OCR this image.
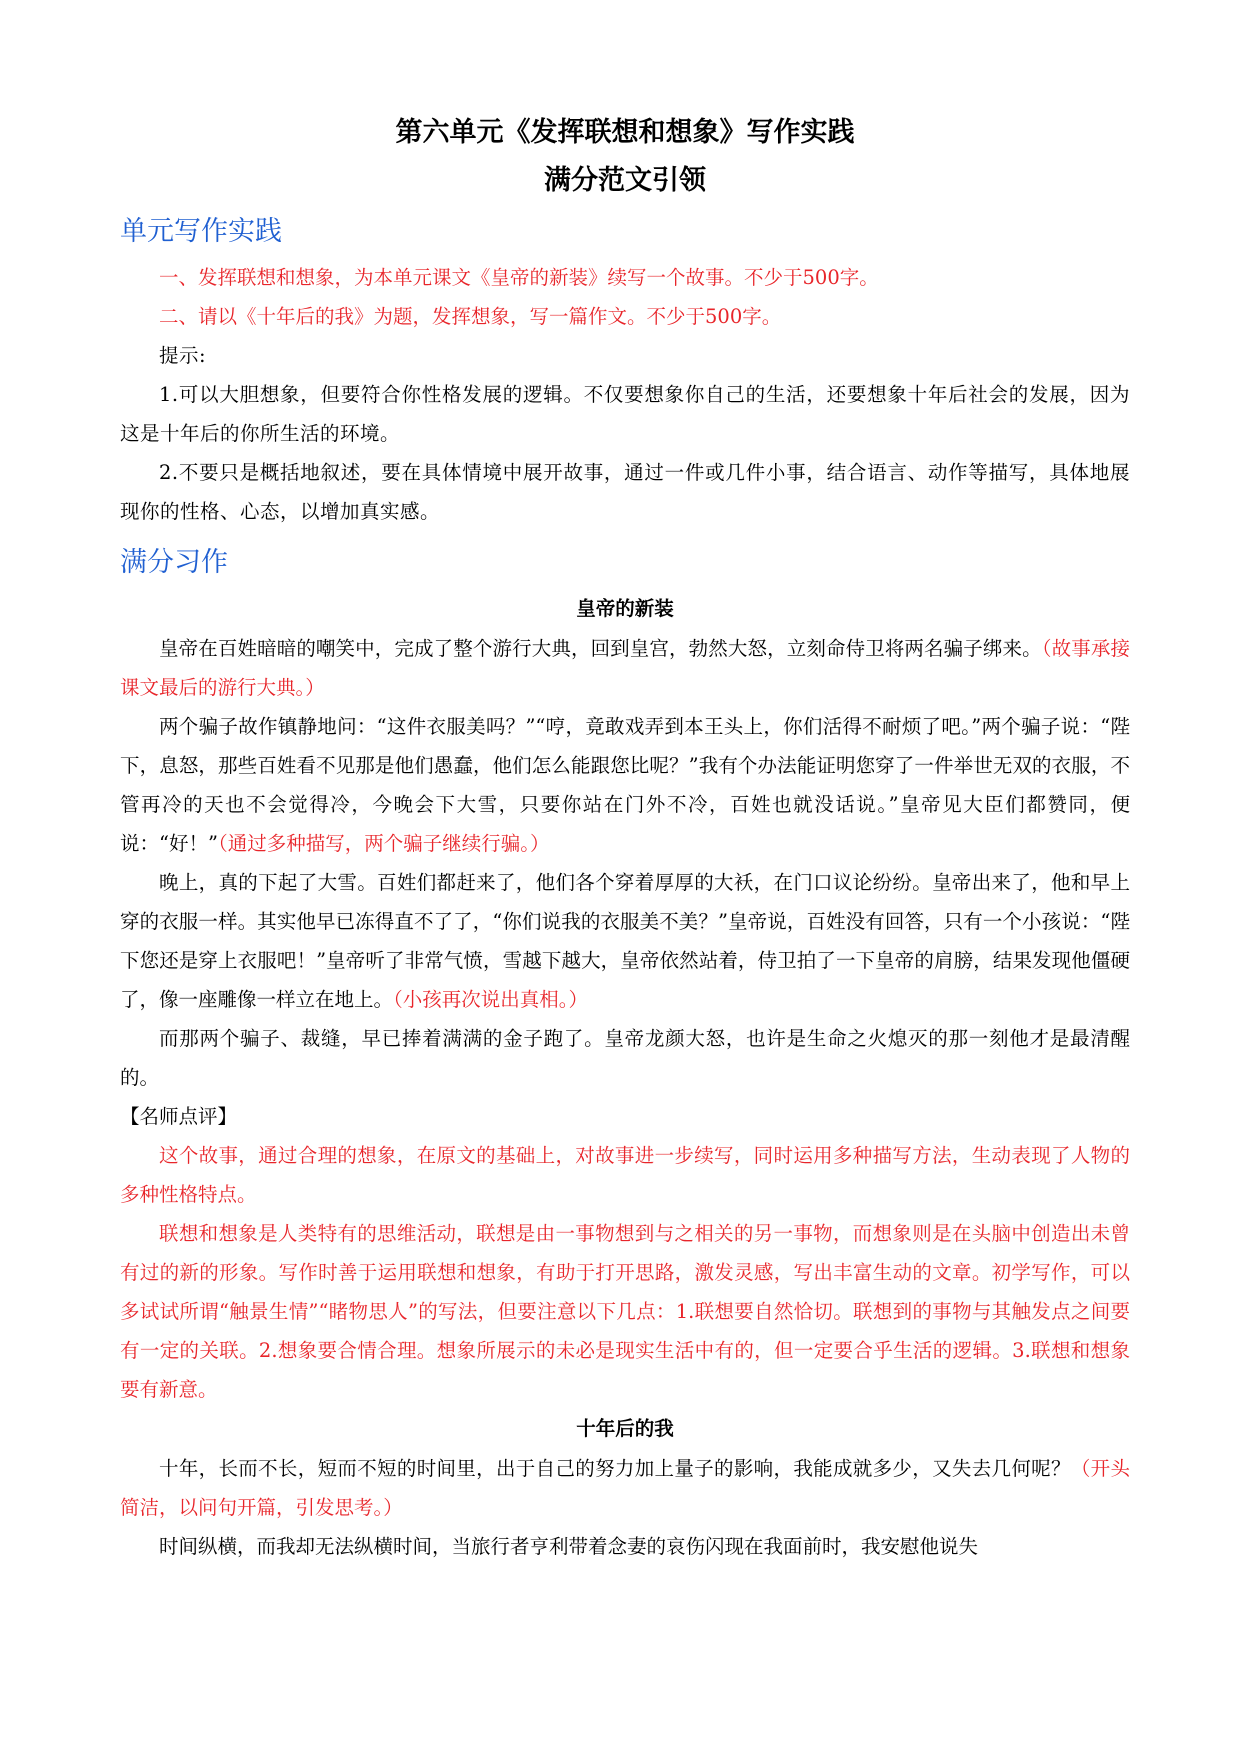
第六单元《发挥联想和想象》写作实践
满分范文引领
单元写作实践

一、发挥联想和想象，为本单元课文《皇帝的新装》续写一个故事。不少于500字。

二、请以《十年后的我》为题，发挥想象，写一篇作文。不少于500字。

提示:

1.可以大胆想象，但要符合你性格发展的逻辑。不仅要想象你自己的生活，还要想象十年后社会的发展，因为这是十年后的你所生活的环境。

2.不要只是概括地叙述，要在具体情境中展开故事，通过一件或几件小事，结合语言、动作等描写，具体地展现你的性格、心态，以增加真实感。

满分习作
皇帝的新装

皇帝在百姓暗暗的嘲笑中，完成了整个游行大典，回到皇宫，勃然大怒，立刻命侍卫将两名骗子绑来。（故事承接课文最后的游行大典。）

两个骗子故作镇静地问：“这件衣服美吗？”“哼，竟敢戏弄到本王头上，你们活得不耐烦了吧。”两个骗子说：“陛下，息怒，那些百姓看不见那是他们愚蠢，他们怎么能跟您比呢？”我有个办法能证明您穿了一件举世无双的衣服，不管再冷的天也不会觉得冷，今晚会下大雪，只要你站在门外不冷，百姓也就没话说。”皇帝见大臣们都赞同，便说：“好！”（通过多种描写，两个骗子继续行骗。）

晚上，真的下起了大雪。百姓们都赶来了，他们各个穿着厚厚的大袄，在门口议论纷纷。皇帝出来了，他和早上穿的衣服一样。其实他早已冻得直不了了，“你们说我的衣服美不美？”皇帝说，百姓没有回答，只有一个小孩说：“陛下您还是穿上衣服吧！”皇帝听了非常气愤，雪越下越大，皇帝依然站着，侍卫拍了一下皇帝的肩膀，结果发现他僵硬了，像一座雕像一样立在地上。（小孩再次说出真相。）

而那两个骗子、裁缝，早已捧着满满的金子跑了。皇帝龙颜大怒，也许是生命之火熄灭的那一刻他才是最清醒的。

【名师点评】

这个故事，通过合理的想象，在原文的基础上，对故事进一步续写，同时运用多种描写方法，生动表现了人物的多种性格特点。

联想和想象是人类特有的思维活动，联想是由一事物想到与之相关的另一事物，而想象则是在头脑中创造出未曾有过的新的形象。写作时善于运用联想和想象，有助于打开思路，激发灵感，写出丰富生动的文章。初学写作，可以多试试所谓“触景生情”“睹物思人”的写法，但要注意以下几点：1.联想要自然恰切。联想到的事物与其触发点之间要有一定的关联。2.想象要合情合理。想象所展示的未必是现实生活中有的，但一定要合乎生活的逻辑。3.联想和想象要有新意。

十年后的我

十年，长而不长，短而不短的时间里，出于自己的努力加上量子的影响，我能成就多少，又失去几何呢？（开头简洁，以问句开篇，引发思考。）

时间纵横，而我却无法纵横时间，当旅行者亨利带着念妻的哀伤闪现在我面前时，我安慰他说失
